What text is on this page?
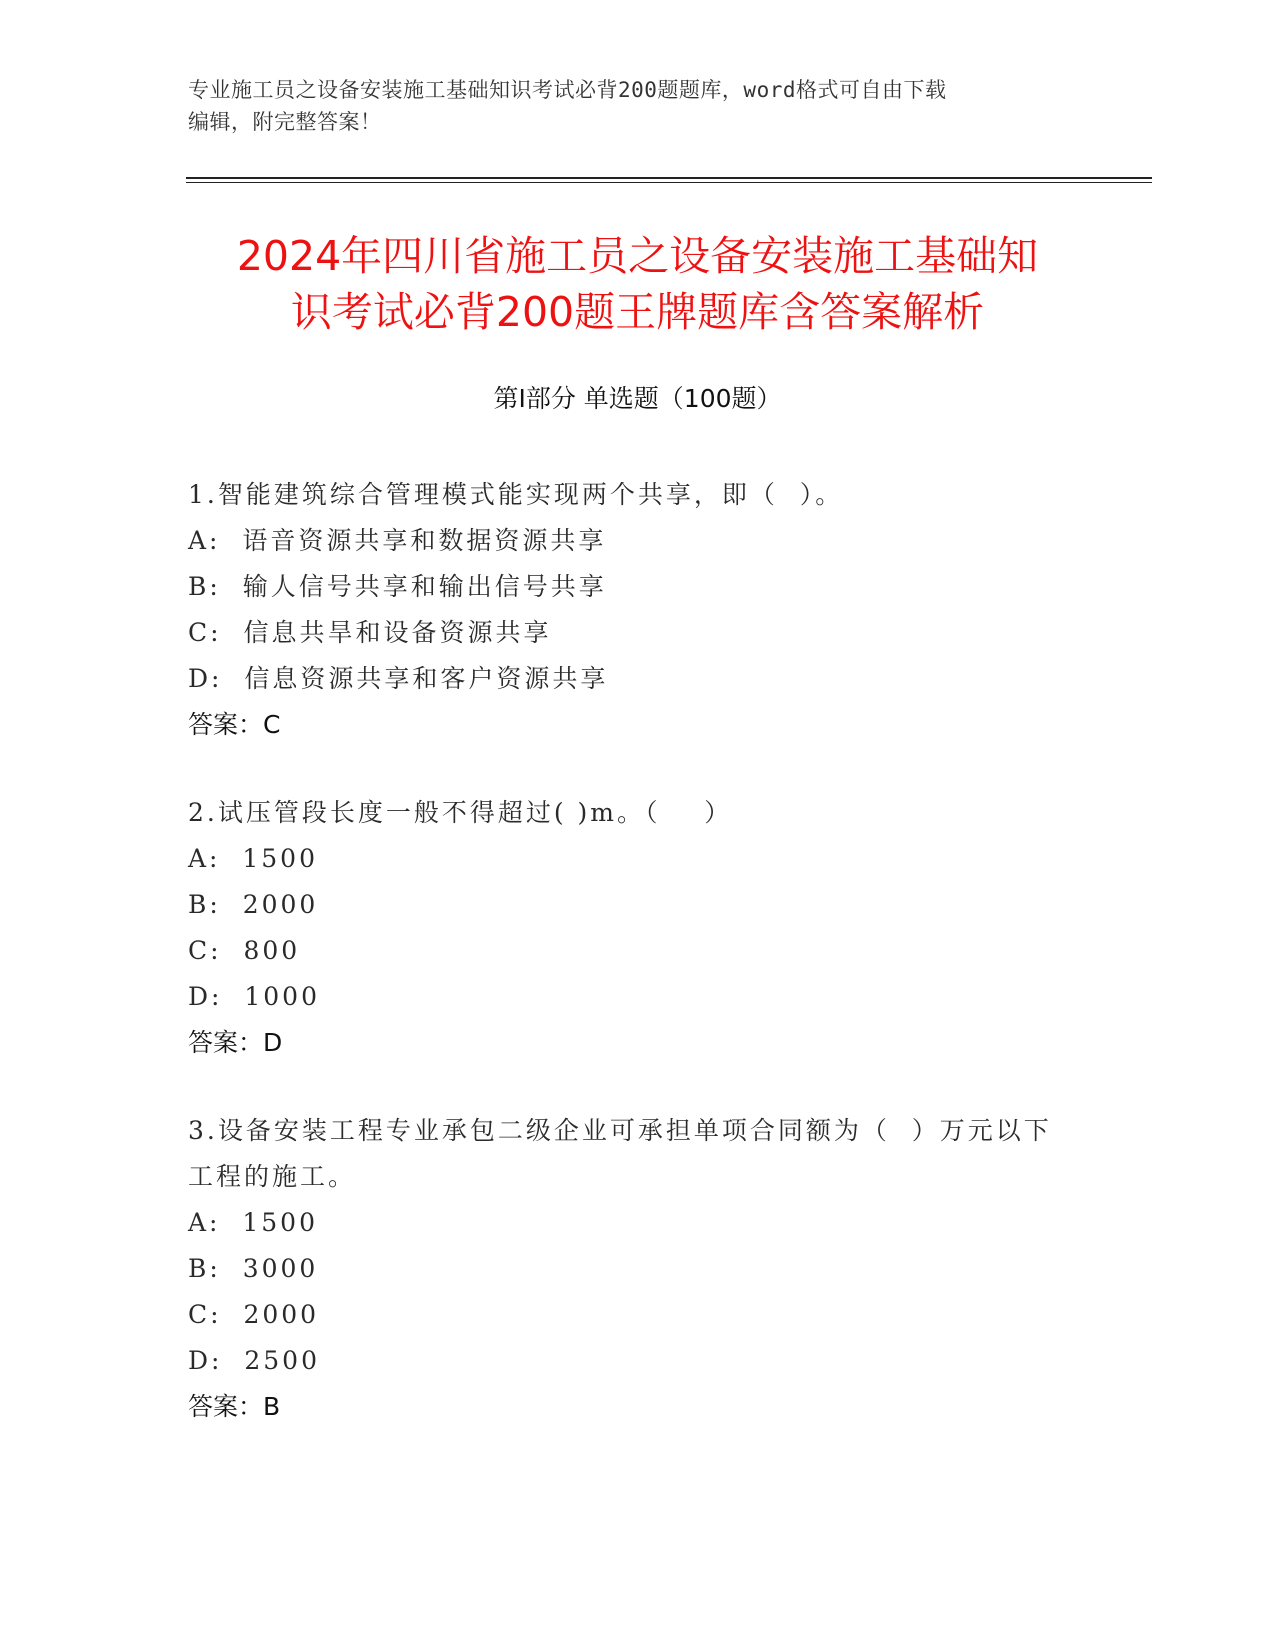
专业施工员之设备安装施工基础知识考试必背200题题库，word格式可自由下载
编辑，附完整答案！
2024年四川省施工员之设备安装施工基础知
识考试必背200题王牌题库含答案解析
第Ⅰ部分 单选题（100题）
1.智能建筑综合管理模式能实现两个共享，即（  ）。
A:  语音资源共享和数据资源共享
B:  输人信号共享和输出信号共享
C:  信息共旱和设备资源共享
D:  信息资源共享和客户资源共享
答案：C
2.试压管段长度一般不得超过( )m。（    ）
A:  1500
B:  2000
C:  800
D:  1000
答案：D
3.设备安装工程专业承包二级企业可承担单项合同额为（  ）万元以下
工程的施工。
A:  1500
B:  3000
C:  2000
D:  2500
答案：B
